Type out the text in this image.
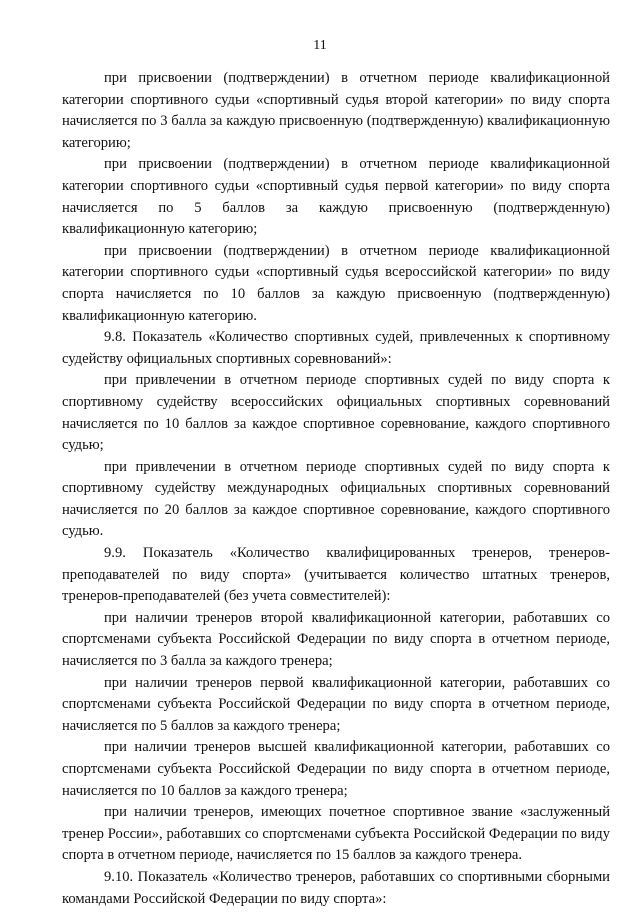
11

при присвоении (подтверждении) в отчетном периоде квалификационной категории спортивного судьи «спортивный судья второй категории» по виду спорта начисляется по 3 балла за каждую присвоенную (подтвержденную) квалификационную категорию;

при присвоении (подтверждении) в отчетном периоде квалификационной категории спортивного судьи «спортивный судья первой категории» по виду спорта начисляется по 5 баллов за каждую присвоенную (подтвержденную) квалификационную категорию;

при присвоении (подтверждении) в отчетном периоде квалификационной категории спортивного судьи «спортивный судья всероссийской категории» по виду спорта начисляется по 10 баллов за каждую присвоенную (подтвержденную) квалификационную категорию.

9.8. Показатель «Количество спортивных судей, привлеченных к спортивному судейству официальных спортивных соревнований»:

при привлечении в отчетном периоде спортивных судей по виду спорта к спортивному судейству всероссийских официальных спортивных соревнований начисляется по 10 баллов за каждое спортивное соревнование, каждого спортивного судью;

при привлечении в отчетном периоде спортивных судей по виду спорта к спортивному судейству международных официальных спортивных соревнований начисляется по 20 баллов за каждое спортивное соревнование, каждого спортивного судью.

9.9. Показатель «Количество квалифицированных тренеров, тренеров-преподавателей по виду спорта» (учитывается количество штатных тренеров, тренеров-преподавателей (без учета совместителей):

при наличии тренеров второй квалификационной категории, работавших со спортсменами субъекта Российской Федерации по виду спорта в отчетном периоде, начисляется по 3 балла за каждого тренера;

при наличии тренеров первой квалификационной категории, работавших со спортсменами субъекта Российской Федерации по виду спорта в отчетном периоде, начисляется по 5 баллов за каждого тренера;

при наличии тренеров высшей квалификационной категории, работавших со спортсменами субъекта Российской Федерации по виду спорта в отчетном периоде, начисляется по 10 баллов за каждого тренера;

при наличии тренеров, имеющих почетное спортивное звание «заслуженный тренер России», работавших со спортсменами субъекта Российской Федерации по виду спорта в отчетном периоде, начисляется по 15 баллов за каждого тренера.

9.10. Показатель «Количество тренеров, работавших со спортивными сборными командами Российской Федерации по виду спорта»:
